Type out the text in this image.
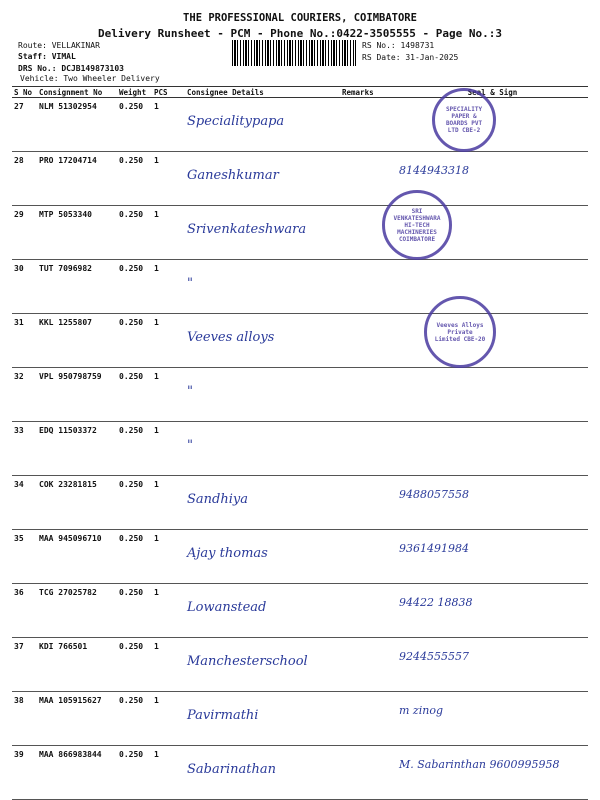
THE PROFESSIONAL COURIERS, COIMBATORE
Delivery Runsheet - PCM - Phone No.:0422-3505555 - Page No.:3
Route: VELLAKINAR
Staff: VIMAL
DRS No.: DCJB149873103
Vehicle: Two Wheeler Delivery
RS No.: 1498731
RS Date: 31-Jan-2025
S No	Consignment No	Weight	PCS	Consignee Details	Remarks	Seal & Sign
27	NLM 51302954	0.250	1	Specialitypapa		
28	PRO 17204714	0.250	1	Ganeshkumar		8144943318
29	MTP 5053340	0.250	1	Srivenkateshwara		
30	TUT 7096982	0.250	1	"		
31	KKL 1255807	0.250	1	Veeves alloys		
32	VPL 950798759	0.250	1	"		
33	EDQ 11503372	0.250	1	"		
34	COK 23281815	0.250	1	Sandhiya		9488057558
35	MAA 945096710	0.250	1	Ajay thomas		9361491984
36	TCG 27025782	0.250	1	Lowanstead		94422 18838
37	KDI 766501	0.250	1	Manchesterschool		9244555557
38	MAA 105915627	0.250	1	Pavirmathi		m zinog
39	MAA 866983844	0.250	1	Sabarinathan		M. Sabarinthan 9600995958
SPECIALITY PAPER & BOARDS PVT LTD CBE-2
SRI VENKATESHWARA HI-TECH MACHINERIES COIMBATORE
Veeves Alloys Private Limited CBE-20
